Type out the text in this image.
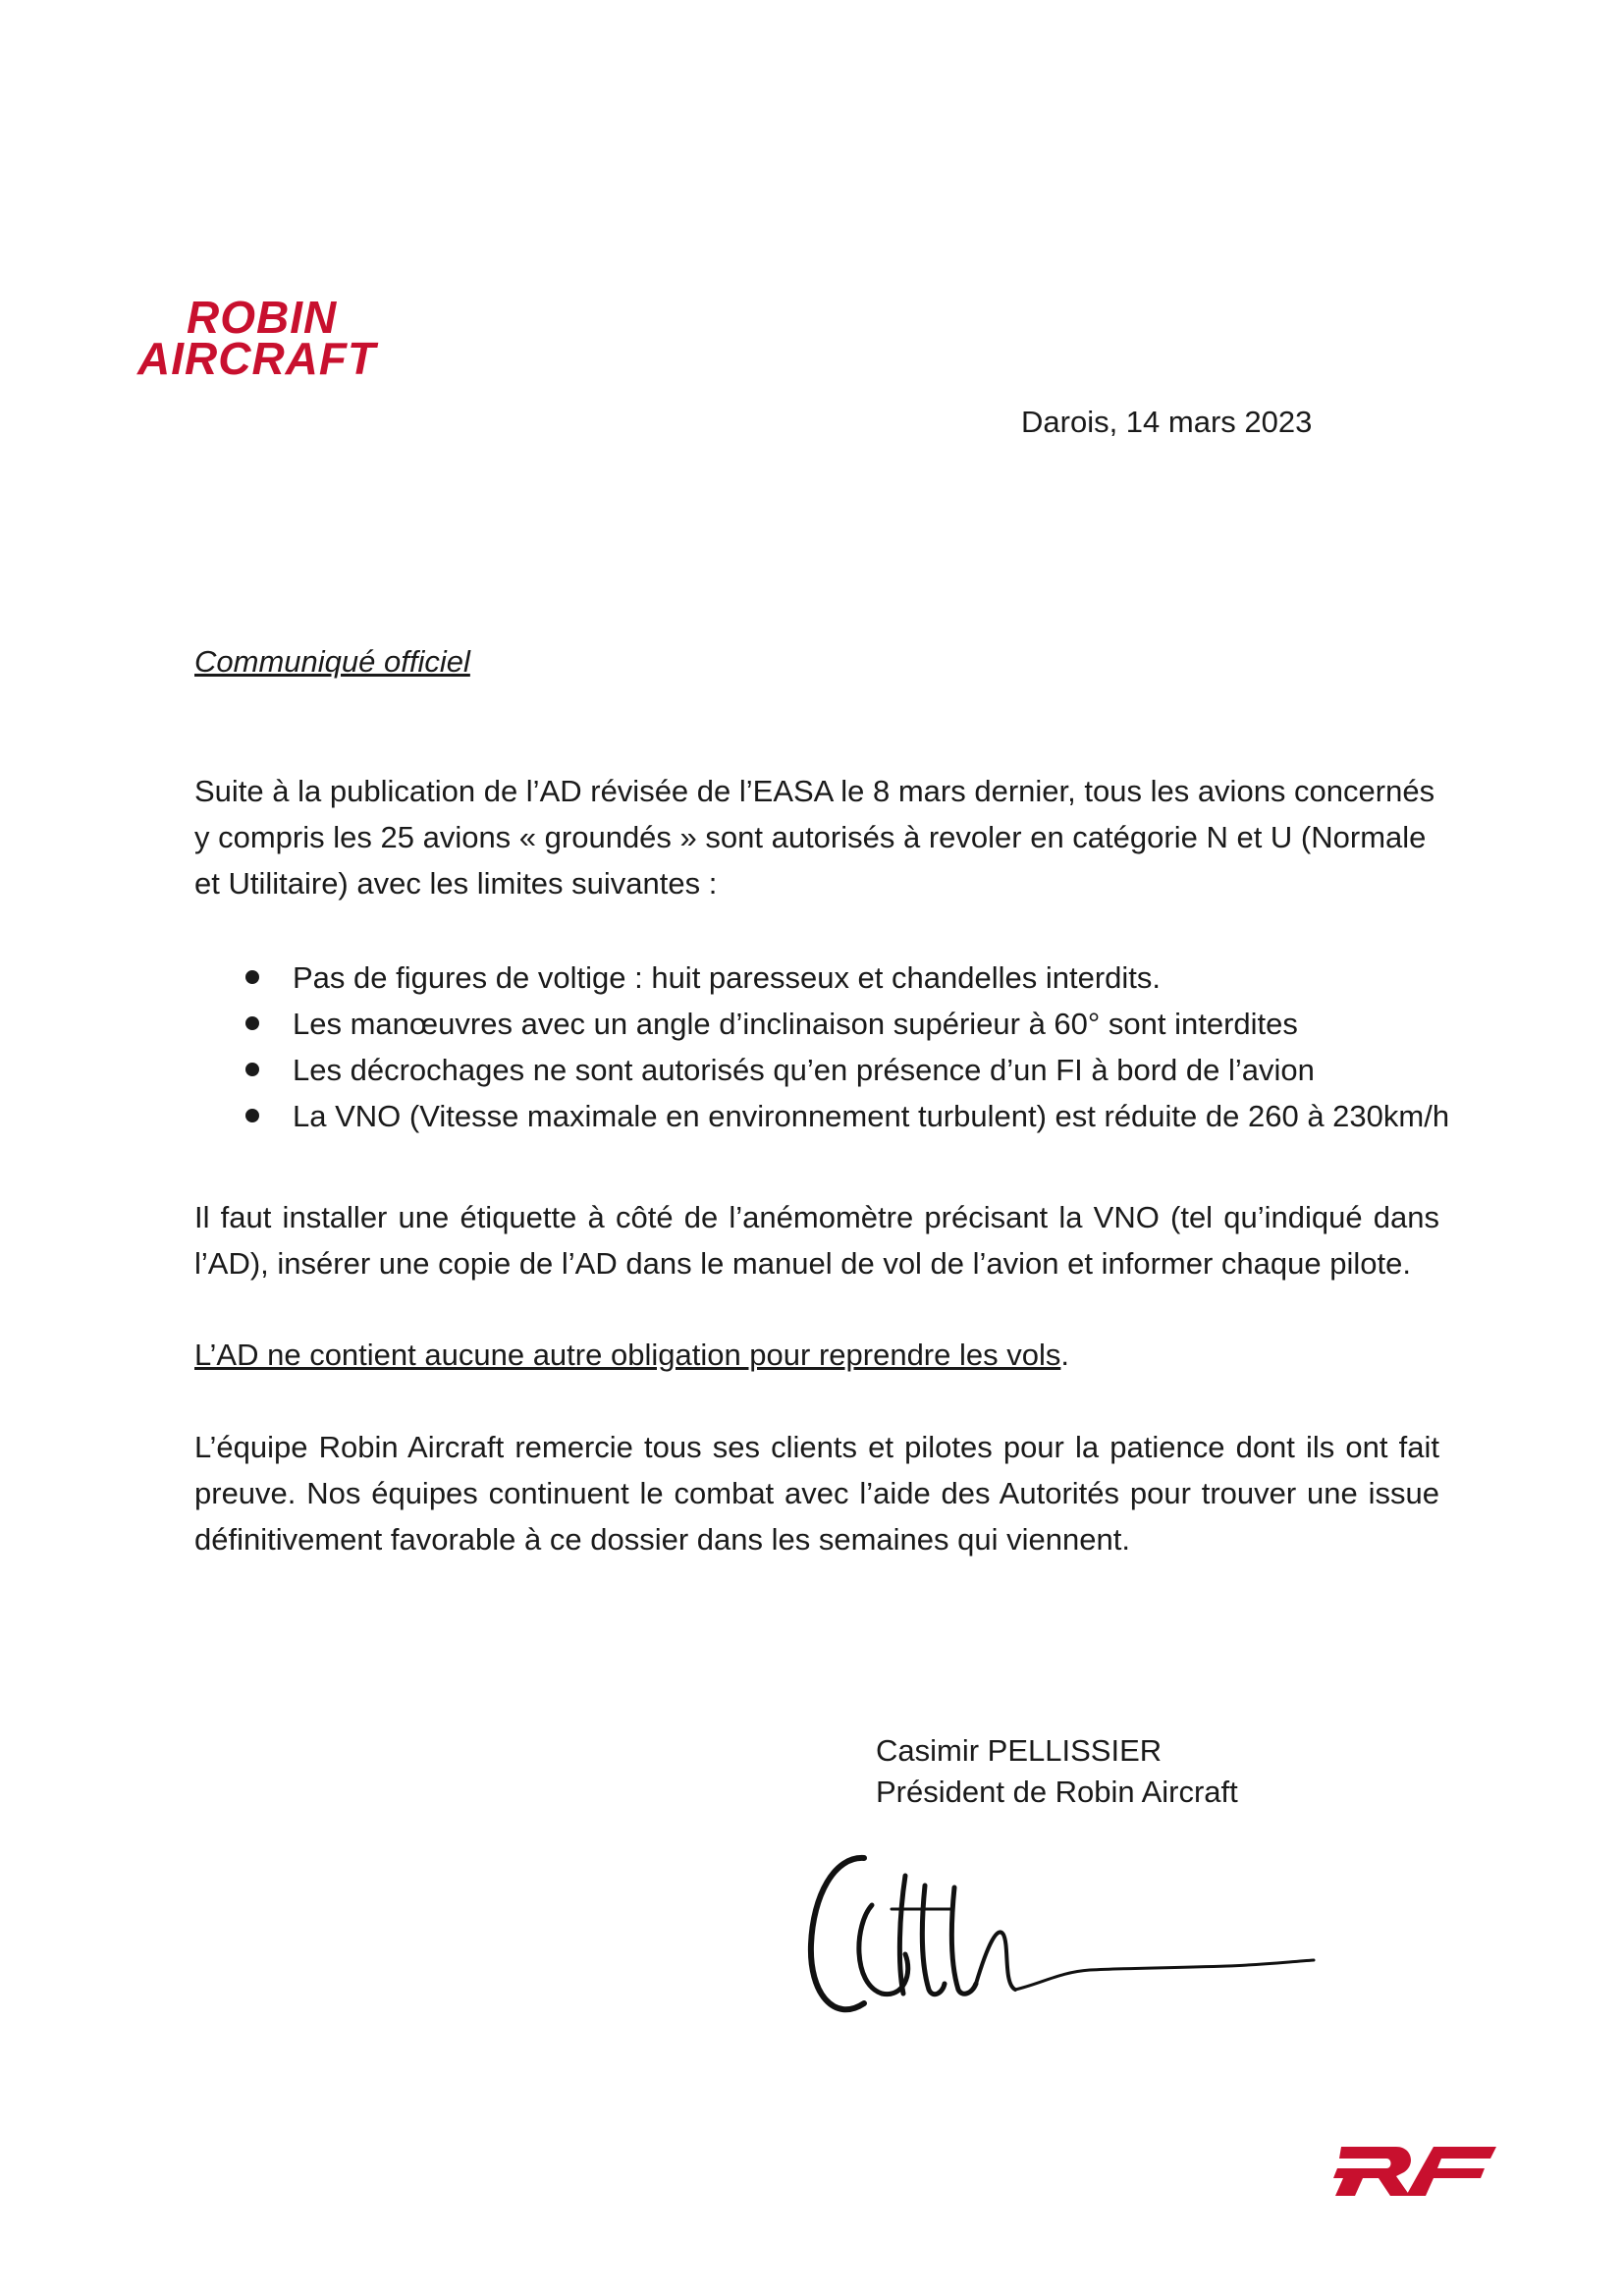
ROBIN
AIRCRAFT
Darois, 14 mars 2023
Communiqué officiel
Suite à la publication de l’AD révisée de l’EASA le 8 mars dernier, tous les avions concernés y compris les 25 avions « groundés » sont autorisés à revoler en catégorie N et U (Normale et Utilitaire) avec les limites suivantes :
Pas de figures de voltige : huit paresseux et chandelles interdits.
Les manœuvres avec un angle d’inclinaison supérieur à 60° sont interdites
Les décrochages ne sont autorisés qu’en présence d’un FI à bord de l’avion
La VNO (Vitesse maximale en environnement turbulent) est réduite de 260 à 230km/h
Il faut installer une étiquette à côté de l’anémomètre précisant la VNO (tel qu’indiqué dans l’AD), insérer une copie de l’AD dans le manuel de vol de l’avion et informer chaque pilote.
L’AD ne contient aucune autre obligation pour reprendre les vols.
L’équipe Robin Aircraft remercie tous ses clients et pilotes pour la patience dont ils ont fait preuve. Nos équipes continuent le combat avec l’aide des Autorités pour trouver une issue définitivement favorable à ce dossier dans les semaines qui viennent.
Casimir PELLISSIER
Président de Robin Aircraft
